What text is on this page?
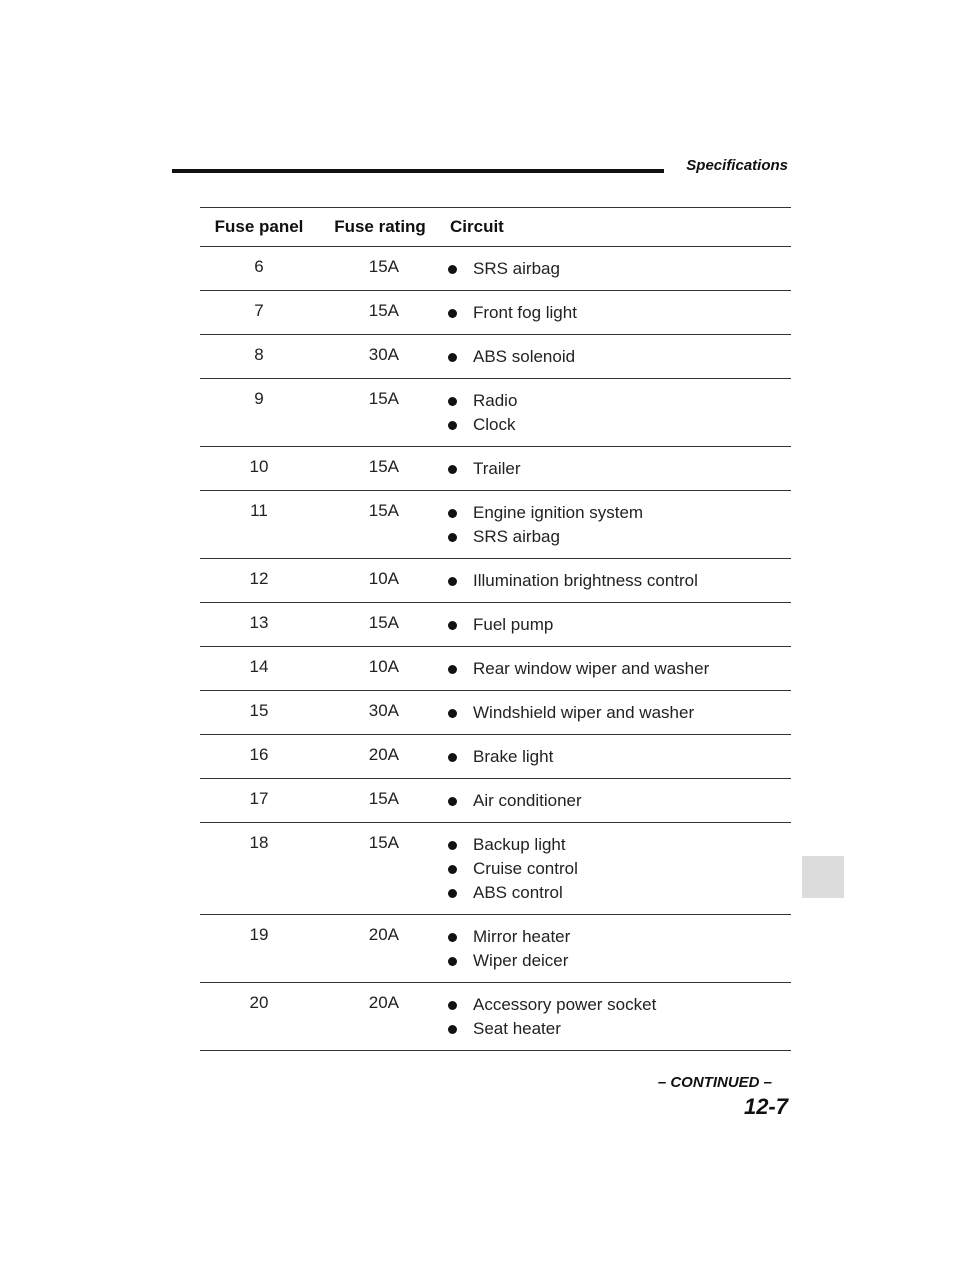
Specifications
Fuse panel	Fuse rating	Circuit
6	15A	SRS airbag
7	15A	Front fog light
8	30A	ABS solenoid
9	15A	Radio
Clock
10	15A	Trailer
11	15A	Engine ignition system
SRS airbag
12	10A	Illumination brightness control
13	15A	Fuel pump
14	10A	Rear window wiper and washer
15	30A	Windshield wiper and washer
16	20A	Brake light
17	15A	Air conditioner
18	15A	Backup light
Cruise control
ABS control
19	20A	Mirror heater
Wiper deicer
20	20A	Accessory power socket
Seat heater
– CONTINUED –
12-7
